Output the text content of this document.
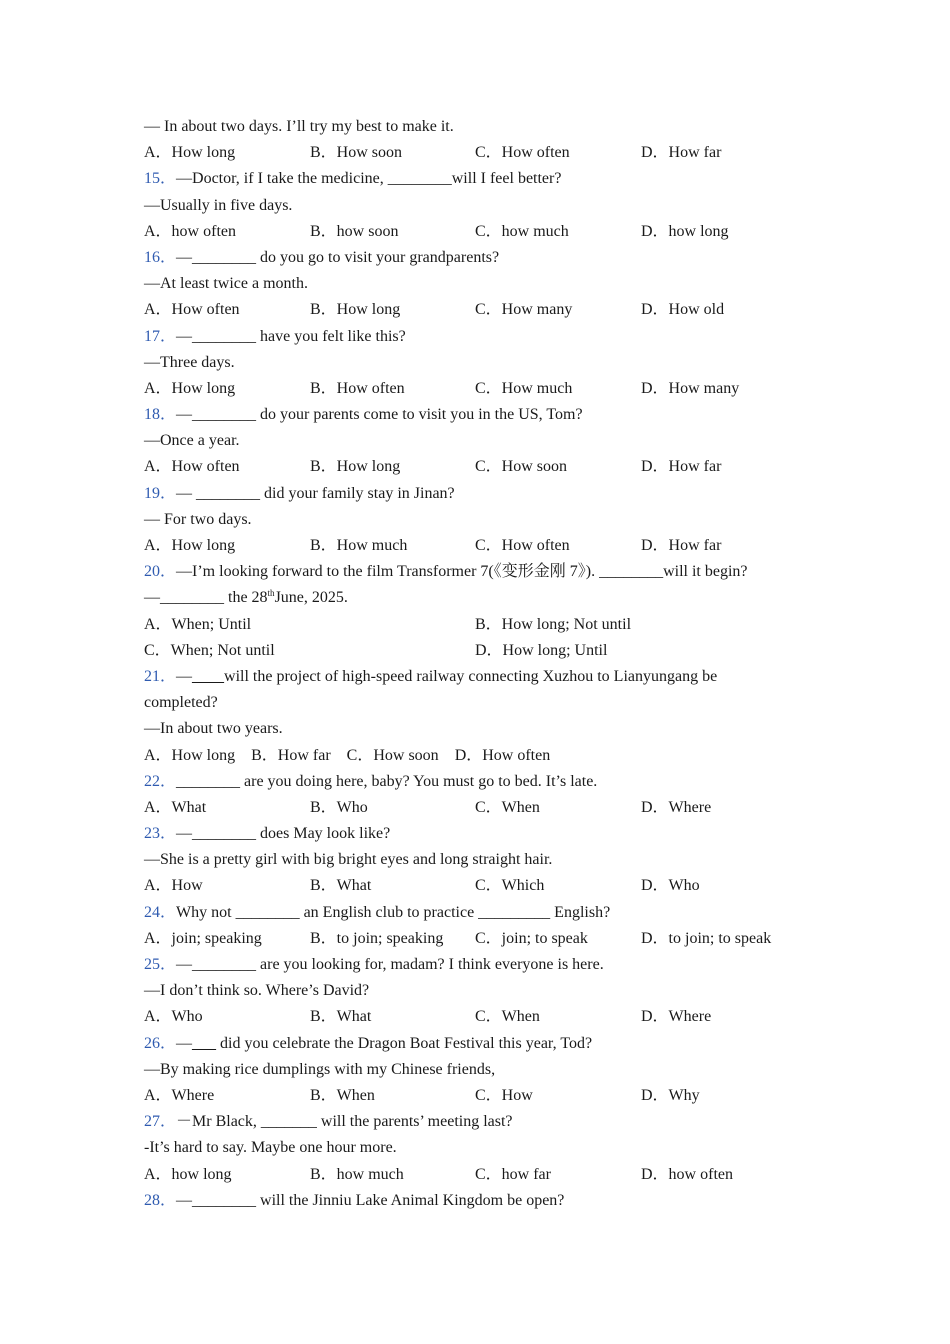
— In about two days. I’ll try my best to make it.
A．How long	B．How soon	C．How often	D．How far
15．—Doctor, if I take the medicine, ________will I feel better?
—Usually in five days.
A．how often	B．how soon	C．how much	D．how long
16．—________ do you go to visit your grandparents?
—At least twice a month.
A．How often	B．How long	C．How many	D．How old
17．—________ have you felt like this?
—Three days.
A．How long	B．How often	C．How much	D．How many
18．—________ do your parents come to visit you in the US, Tom?
—Once a year.
A．How often	B．How long	C．How soon	D．How far
19．— ________ did your family stay in Jinan?
— For two days.
A．How long	B．How much	C．How often	D．How far
20．—I’m looking forward to the film Transformer 7(《变形金刚 7》). ________will it begin?
—________ the 28thJune, 2025.
A．When; Until	B．How long; Not until
C．When; Not until	D．How long; Until
21．—____will the project of high-speed railway connecting Xuzhou to Lianyungang be
completed?
—In about two years.
A．How long B．How far C．How soon D．How often
22．________ are you doing here, baby? You must go to bed. It’s late.
A．What	B．Who	C．When	D．Where
23．—________ does May look like?
—She is a pretty girl with big bright eyes and long straight hair.
A．How	B．What	C．Which	D．Who
24．Why not ________ an English club to practice _________ English?
A．join; speaking	B．to join; speaking C．join; to speak	D．to join; to speak
25．—________ are you looking for, madam? I think everyone is here.
—I don’t think so. Where’s David?
A．Who	B．What	C．When	D．Where
26．—___ did you celebrate the Dragon Boat Festival this year, Tod?
—By making rice dumplings with my Chinese friends,
A．Where	B．When	C．How	D．Why
27．－Mr Black, _______ will the parents’ meeting last?
-It’s hard to say. Maybe one hour more.
A．how long	B．how much	C．how far	D．how often
28．—________ will the Jinniu Lake Animal Kingdom be open?
